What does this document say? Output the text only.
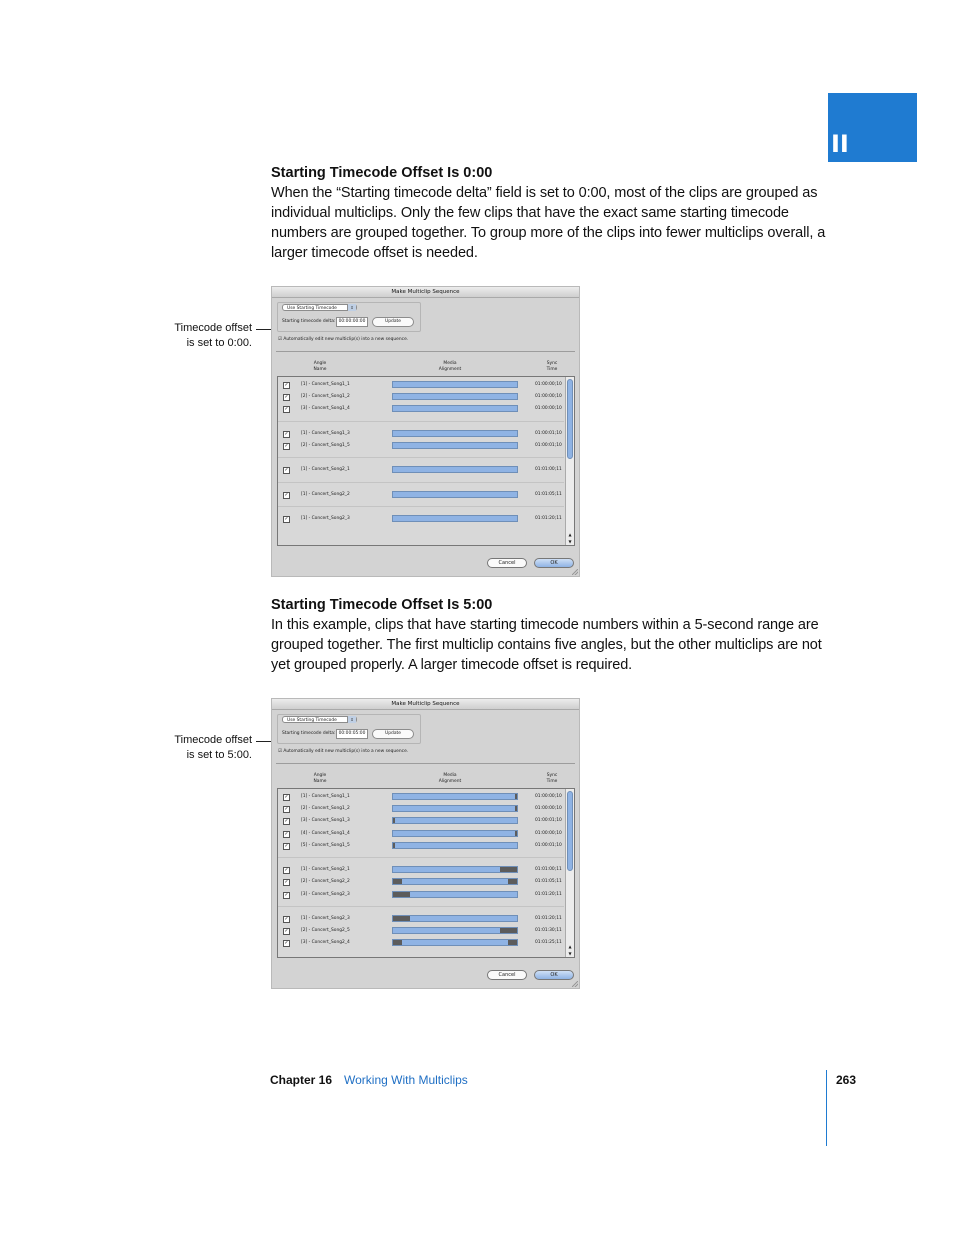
II
Starting Timecode Offset Is 0:00

When the “Starting timecode delta” field is set to 0:00, most of the clips are grouped as individual multiclips. Only the few clips that have the exact same starting timecode numbers are grouped together. To group more of the clips into fewer multiclips overall, a larger timecode offset is needed.

Timecode offset
is set to 0:00.
Make Multiclip Sequence
Use Starting Timecode	⇕
Starting timecode delta: 00:00:00:00	Update
☑ Automatically edit new multiclip(s) into a new sequence.
Angle
Name
Media
Alignment
Sync
Time
✓	[1] - Concert_Song1_1	01:00:00;10
✓	[2] - Concert_Song1_2	01:00:00;10
✓	[3] - Concert_Song1_4	01:00:00;10
✓	[1] - Concert_Song1_3	01:00:01;10
✓	[2] - Concert_Song1_5	01:00:01;10
✓	[1] - Concert_Song2_1	01:01:00;11
✓	[1] - Concert_Song2_2	01:01:05;11
✓	[1] - Concert_Song2_3	01:01:20;11
▲
▼
Cancel	OK
Starting Timecode Offset Is 5:00

In this example, clips that have starting timecode numbers within a 5-second range are grouped together. The first multiclip contains five angles, but the other multiclips are not yet grouped properly. A larger timecode offset is required.

Timecode offset
is set to 5:00.
Make Multiclip Sequence
Use Starting Timecode	⇕
Starting timecode delta: 00:00:05:00	Update
☑ Automatically edit new multiclip(s) into a new sequence.
Angle
Name
Media
Alignment
Sync
Time
✓	[1] - Concert_Song1_1	01:00:00;10
✓	[2] - Concert_Song1_2	01:00:00;10
✓	[3] - Concert_Song1_3	01:00:01;10
✓	[4] - Concert_Song1_4	01:00:00;10
✓	[5] - Concert_Song1_5	01:00:01;10
✓	[1] - Concert_Song2_1	01:01:00;11
✓	[2] - Concert_Song2_2	01:01:05;11
✓	[3] - Concert_Song2_3	01:01:20;11
✓	[1] - Concert_Song2_3	01:01:20;11
✓	[2] - Concert_Song2_5	01:01:30;11
✓	[3] - Concert_Song2_4	01:01:25;11
▲
▼
Cancel	OK
Chapter 16 Working With Multiclips	263
